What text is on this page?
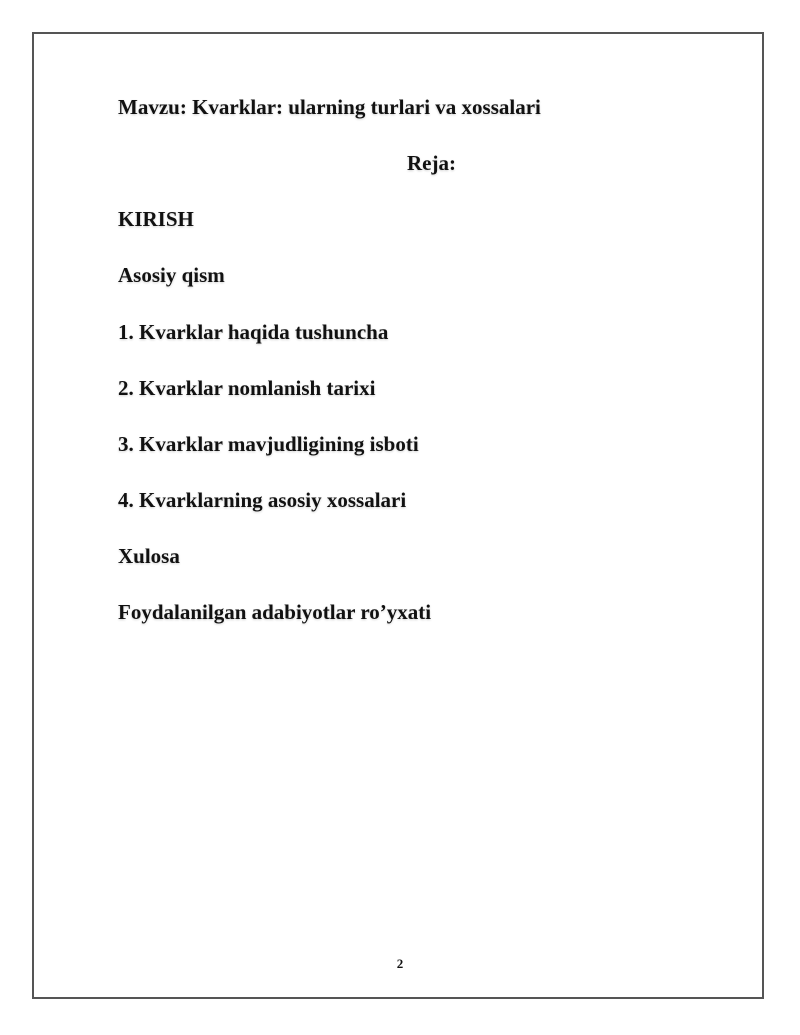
Mavzu: Kvarklar: ularning turlari va xossalari
Reja:
KIRISH
Asosiy qism
1. Kvarklar haqida tushuncha
2. Kvarklar nomlanish tarixi
3. Kvarklar mavjudligining isboti
4. Kvarklarning asosiy xossalari
Xulosa
Foydalanilgan adabiyotlar ro’yxati
2
